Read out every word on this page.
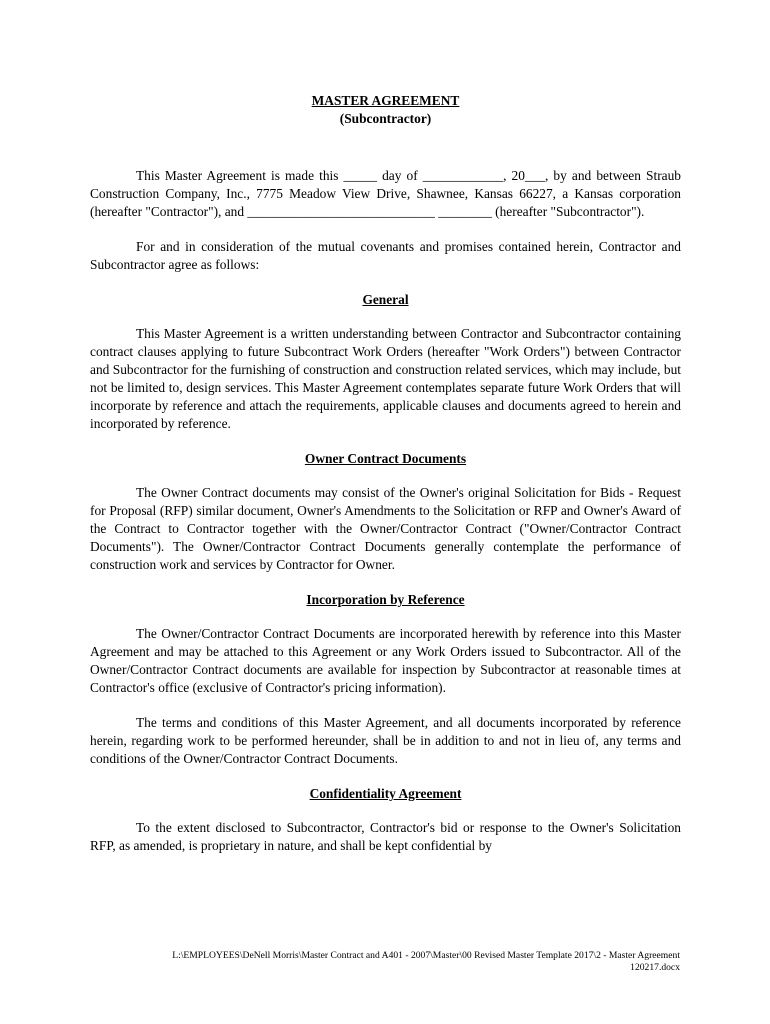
MASTER AGREEMENT

(Subcontractor)

This Master Agreement is made this _____ day of ____________, 20___, by and between Straub Construction Company, Inc., 7775 Meadow View Drive, Shawnee, Kansas 66227, a Kansas corporation (hereafter "Contractor"), and ____________________________ ________ (hereafter "Subcontractor").

For and in consideration of the mutual covenants and promises contained herein, Contractor and Subcontractor agree as follows:

General

This Master Agreement is a written understanding between Contractor and Subcontractor containing contract clauses applying to future Subcontract Work Orders (hereafter "Work Orders") between Contractor and Subcontractor for the furnishing of construction and construction related services, which may include, but not be limited to, design services. This Master Agreement contemplates separate future Work Orders that will incorporate by reference and attach the requirements, applicable clauses and documents agreed to herein and incorporated by reference.

Owner Contract Documents

The Owner Contract documents may consist of the Owner's original Solicitation for Bids - Request for Proposal (RFP) similar document, Owner's Amendments to the Solicitation or RFP and Owner's Award of the Contract to Contractor together with the Owner/Contractor Contract ("Owner/Contractor Contract Documents"). The Owner/Contractor Contract Documents generally contemplate the performance of construction work and services by Contractor for Owner.

Incorporation by Reference

The Owner/Contractor Contract Documents are incorporated herewith by reference into this Master Agreement and may be attached to this Agreement or any Work Orders issued to Subcontractor. All of the Owner/Contractor Contract documents are available for inspection by Subcontractor at reasonable times at Contractor's office (exclusive of Contractor's pricing information).

The terms and conditions of this Master Agreement, and all documents incorporated by reference herein, regarding work to be performed hereunder, shall be in addition to and not in lieu of, any terms and conditions of the Owner/Contractor Contract Documents.

Confidentiality Agreement

To the extent disclosed to Subcontractor, Contractor's bid or response to the Owner's Solicitation RFP, as amended, is proprietary in nature, and shall be kept confidential by

L:\EMPLOYEES\DeNell Morris\Master Contract and A401 - 2007\Master\00 Revised Master Template 2017\2 - Master Agreement
120217.docx
